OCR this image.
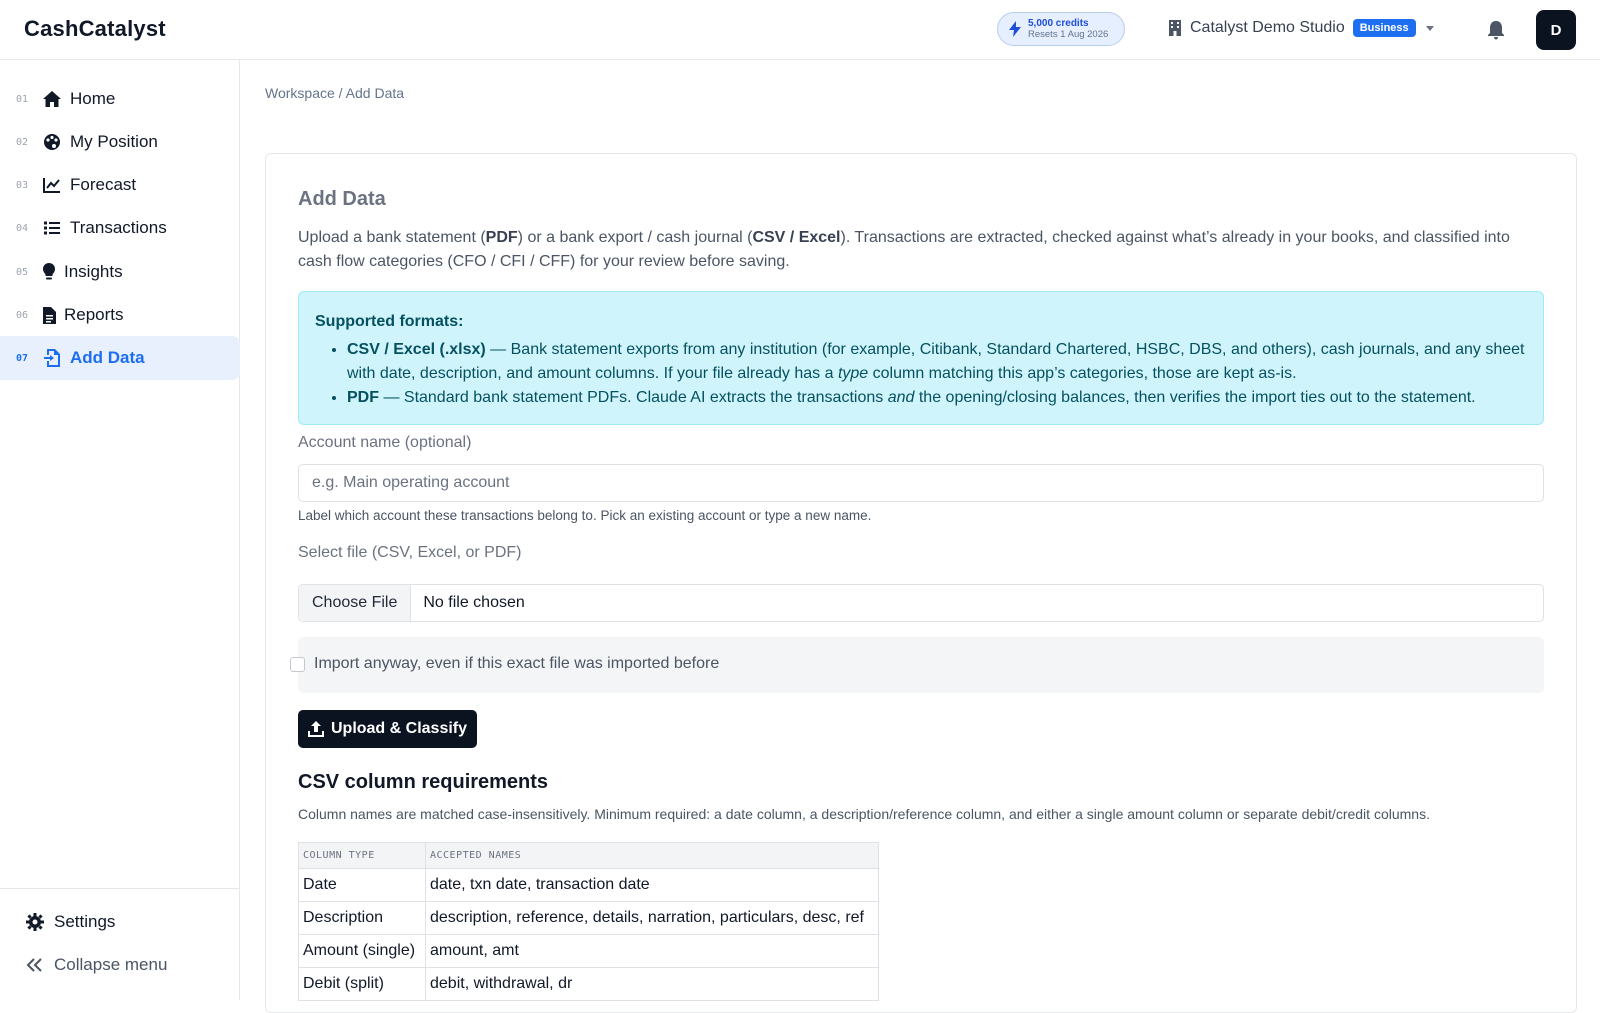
CashCatalyst	5,000 credits
Resets 1 Aug 2026	Catalyst Demo Studio	Business	D
01	Home
02	My Position
03	Forecast
04	Transactions
05	Insights
06	Reports
07	Add Data
Settings
Collapse menu
Workspace / Add Data
Add Data
Upload a bank statement (PDF) or a bank export / cash journal (CSV / Excel). Transactions are extracted, checked against what’s already in your books, and classified into cash flow categories (CFO / CFI / CFF) for your review before saving.
Supported formats:
• CSV / Excel (.xlsx) — Bank statement exports from any institution (for example, Citibank, Standard Chartered, HSBC, DBS, and others), cash journals, and any sheet with date, description, and amount columns. If your file already has a type column matching this app’s categories, those are kept as-is.
• PDF — Standard bank statement PDFs. Claude AI extracts the transactions and the opening/closing balances, then verifies the import ties out to the statement.
Account name (optional)
e.g. Main operating account
Label which account these transactions belong to. Pick an existing account or type a new name.
Select file (CSV, Excel, or PDF)
Choose File	No file chosen
Import anyway, even if this exact file was imported before
Upload & Classify
CSV column requirements
Column names are matched case-insensitively. Minimum required: a date column, a description/reference column, and either a single amount column or separate debit/credit columns.
COLUMN TYPE	ACCEPTED NAMES
Date	date, txn date, transaction date
Description	description, reference, details, narration, particulars, desc, ref
Amount (single)	amount, amt
Debit (split)	debit, withdrawal, dr
